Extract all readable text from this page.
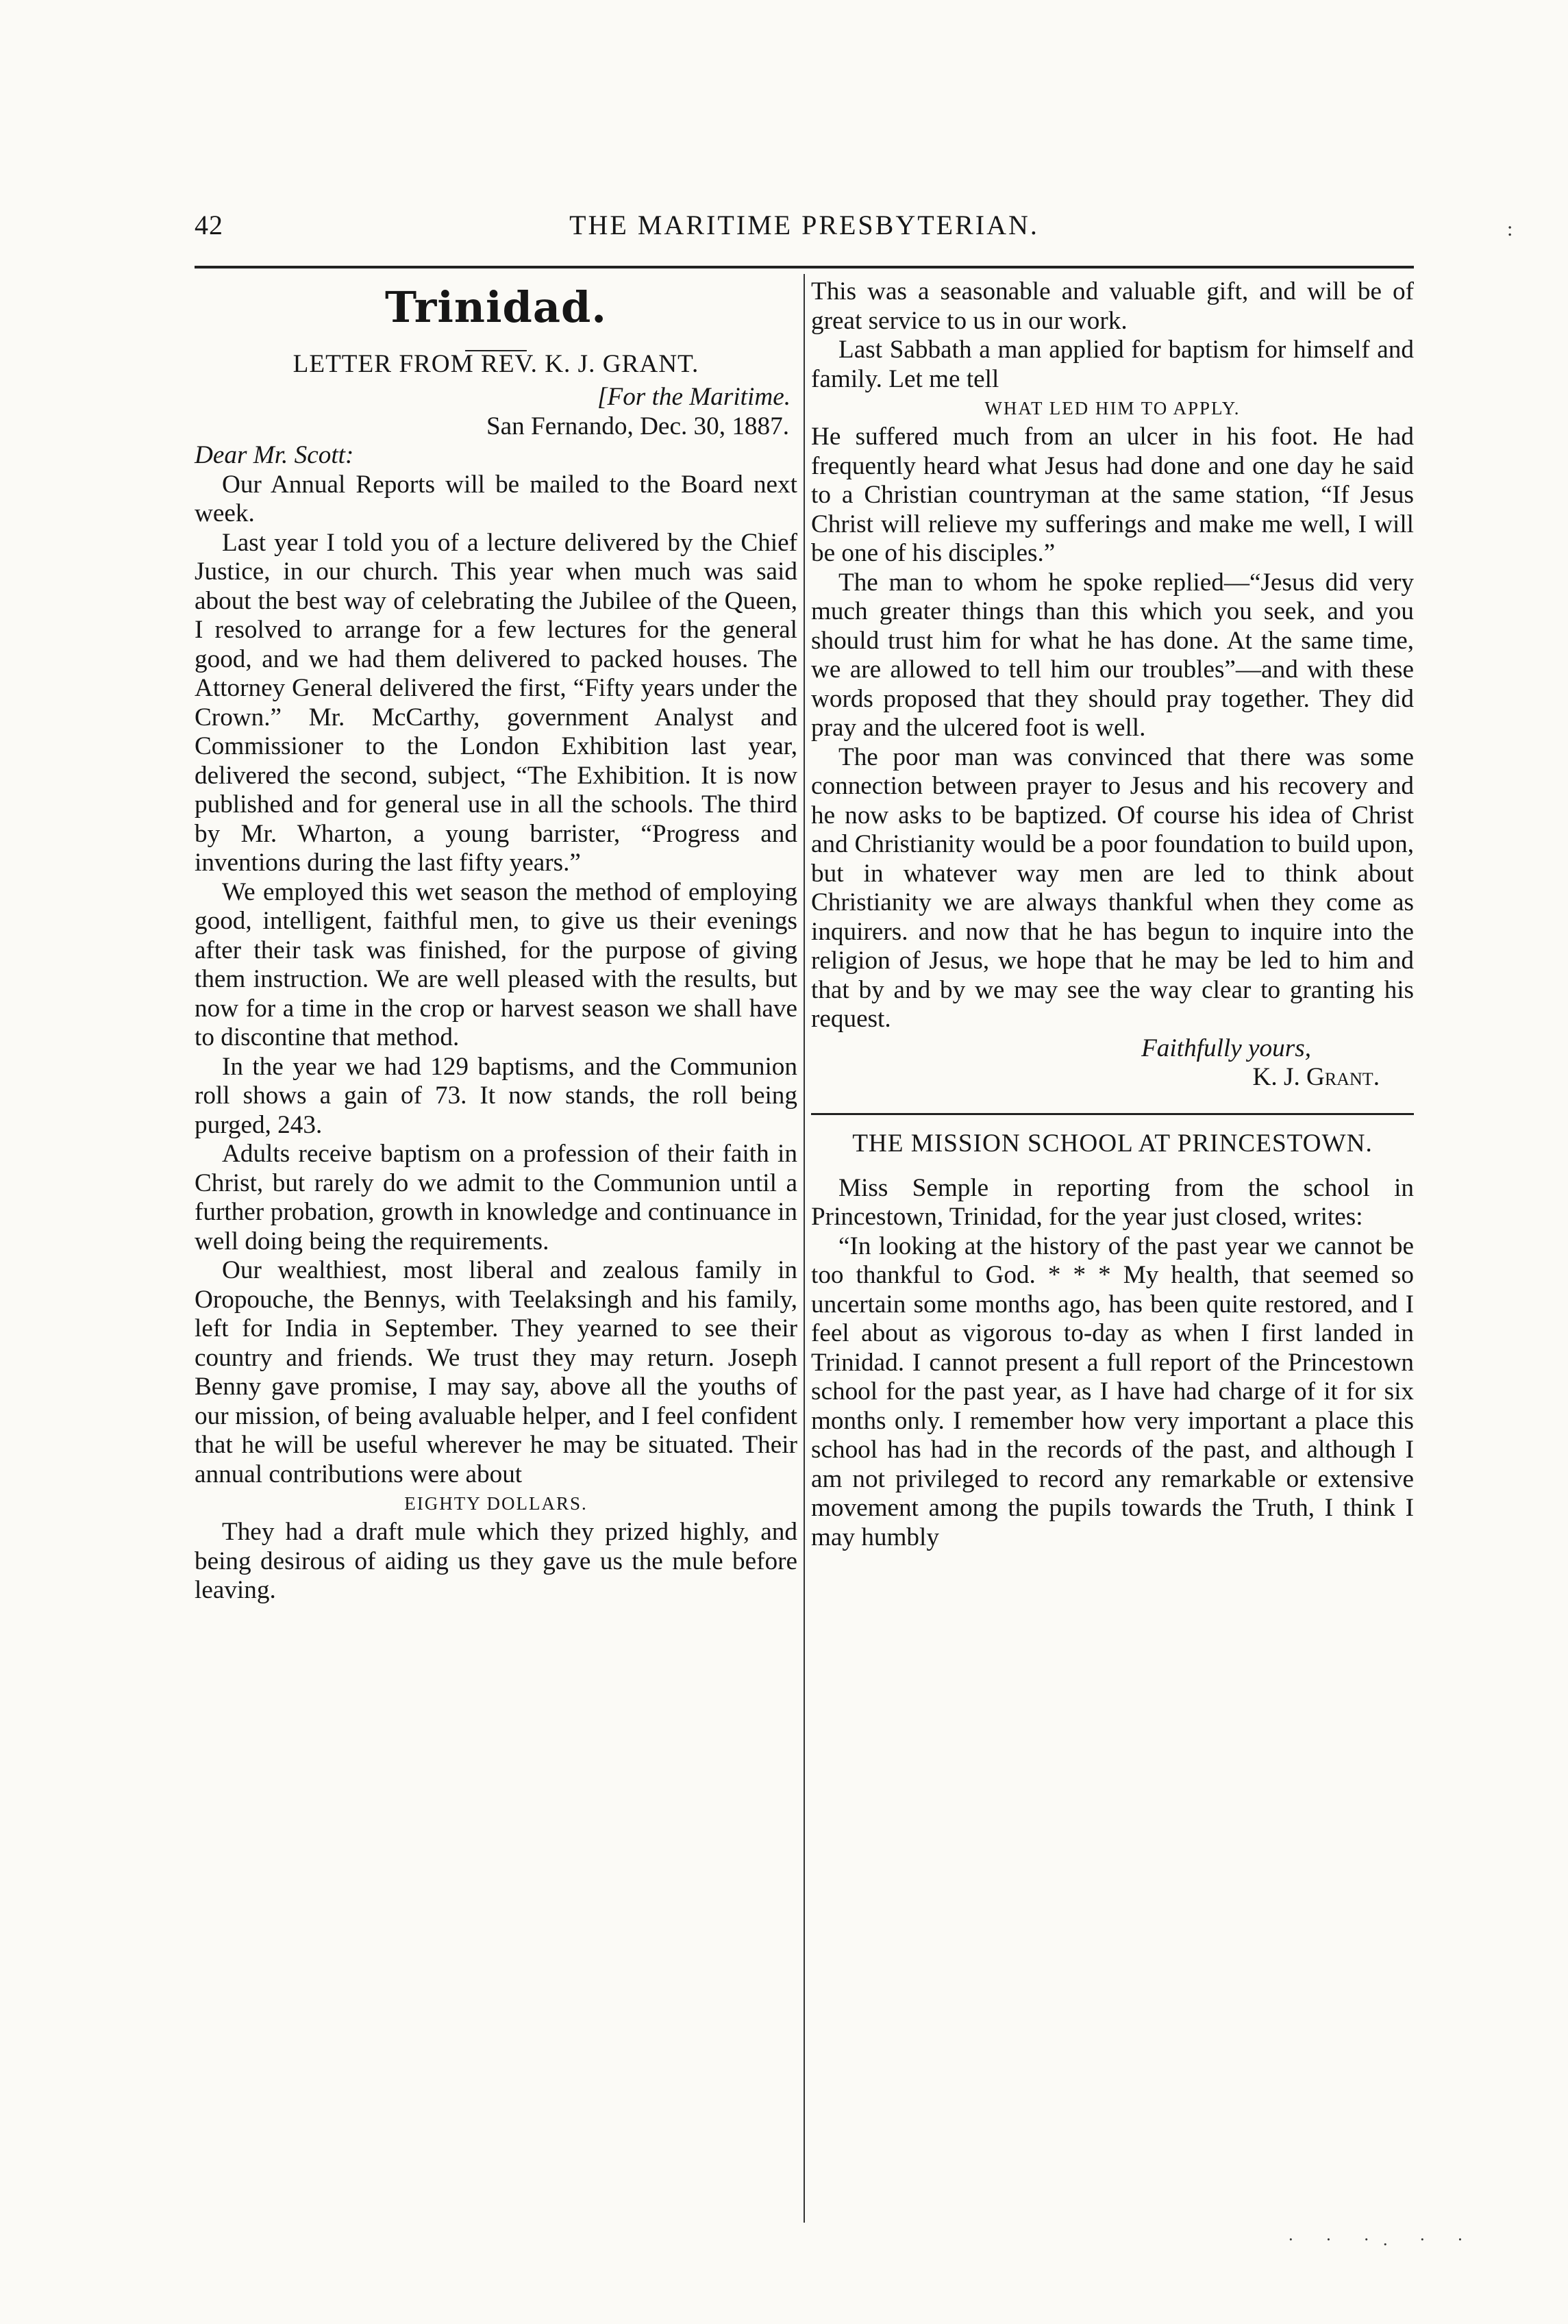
42	THE MARITIME PRESBYTERIAN.	:
Trinidad.
LETTER FROM REV. K. J. GRANT.

[For the Maritime.

San Fernando, Dec. 30, 1887.

Dear Mr. Scott:

Our Annual Reports will be mailed to the Board next week.

Last year I told you of a lecture delivered by the Chief Justice, in our church. This year when much was said about the best way of celebrating the Jubilee of the Queen, I resolved to arrange for a few lectures for the general good, and we had them delivered to packed houses. The Attorney General delivered the first, “Fifty years under the Crown.” Mr. McCarthy, government Analyst and Commissioner to the London Exhibition last year, delivered the second, subject, “The Exhibition. It is now published and for general use in all the schools. The third by Mr. Wharton, a young barrister, “Progress and inventions during the last fifty years.”

We employed this wet season the method of employing good, intelligent, faithful men, to give us their evenings after their task was finished, for the purpose of giving them instruction. We are well pleased with the results, but now for a time in the crop or harvest season we shall have to discontine that method.

In the year we had 129 baptisms, and the Communion roll shows a gain of 73. It now stands, the roll being purged, 243.

Adults receive baptism on a profession of their faith in Christ, but rarely do we admit to the Communion until a further probation, growth in knowledge and continuance in well doing being the requirements.

Our wealthiest, most liberal and zealous family in Oropouche, the Bennys, with Teelaksingh and his family, left for India in September. They yearned to see their country and friends. We trust they may return. Joseph Benny gave promise, I may say, above all the youths of our mission, of being avaluable helper, and I feel confident that he will be useful wherever he may be situated. Their annual contributions were about

EIGHTY DOLLARS.

They had a draft mule which they prized highly, and being desirous of aiding us they gave us the mule before leaving.

This was a seasonable and valuable gift, and will be of great service to us in our work.

Last Sabbath a man applied for baptism for himself and family. Let me tell

WHAT LED HIM TO APPLY.

He suffered much from an ulcer in his foot. He had frequently heard what Jesus had done and one day he said to a Christian countryman at the same station, “If Jesus Christ will relieve my sufferings and make me well, I will be one of his disciples.”

The man to whom he spoke replied—“Jesus did very much greater things than this which you seek, and you should trust him for what he has done. At the same time, we are allowed to tell him our troubles”—and with these words proposed that they should pray together. They did pray and the ulcered foot is well.

The poor man was convinced that there was some connection between prayer to Jesus and his recovery and he now asks to be baptized. Of course his idea of Christ and Christianity would be a poor foundation to build upon, but in whatever way men are led to think about Christianity we are always thankful when they come as inquirers. and now that he has begun to inquire into the religion of Jesus, we hope that he may be led to him and that by and by we may see the way clear to granting his request.

Faithfully yours,

K. J. Grant.

THE MISSION SCHOOL AT PRINCESTOWN.

Miss Semple in reporting from the school in Princestown, Trinidad, for the year just closed, writes:

“In looking at the history of the past year we cannot be too thankful to God. * * * My health, that seemed so uncertain some months ago, has been quite restored, and I feel about as vigorous to-day as when I first landed in Trinidad. I cannot present a full report of the Princestown school for the past year, as I have had charge of it for six months only. I remember how very important a place this school has had in the records of the past, and although I am not privileged to record any remarkable or extensive movement among the pupils towards the Truth, I think I may humbly

· · ·. · ·
